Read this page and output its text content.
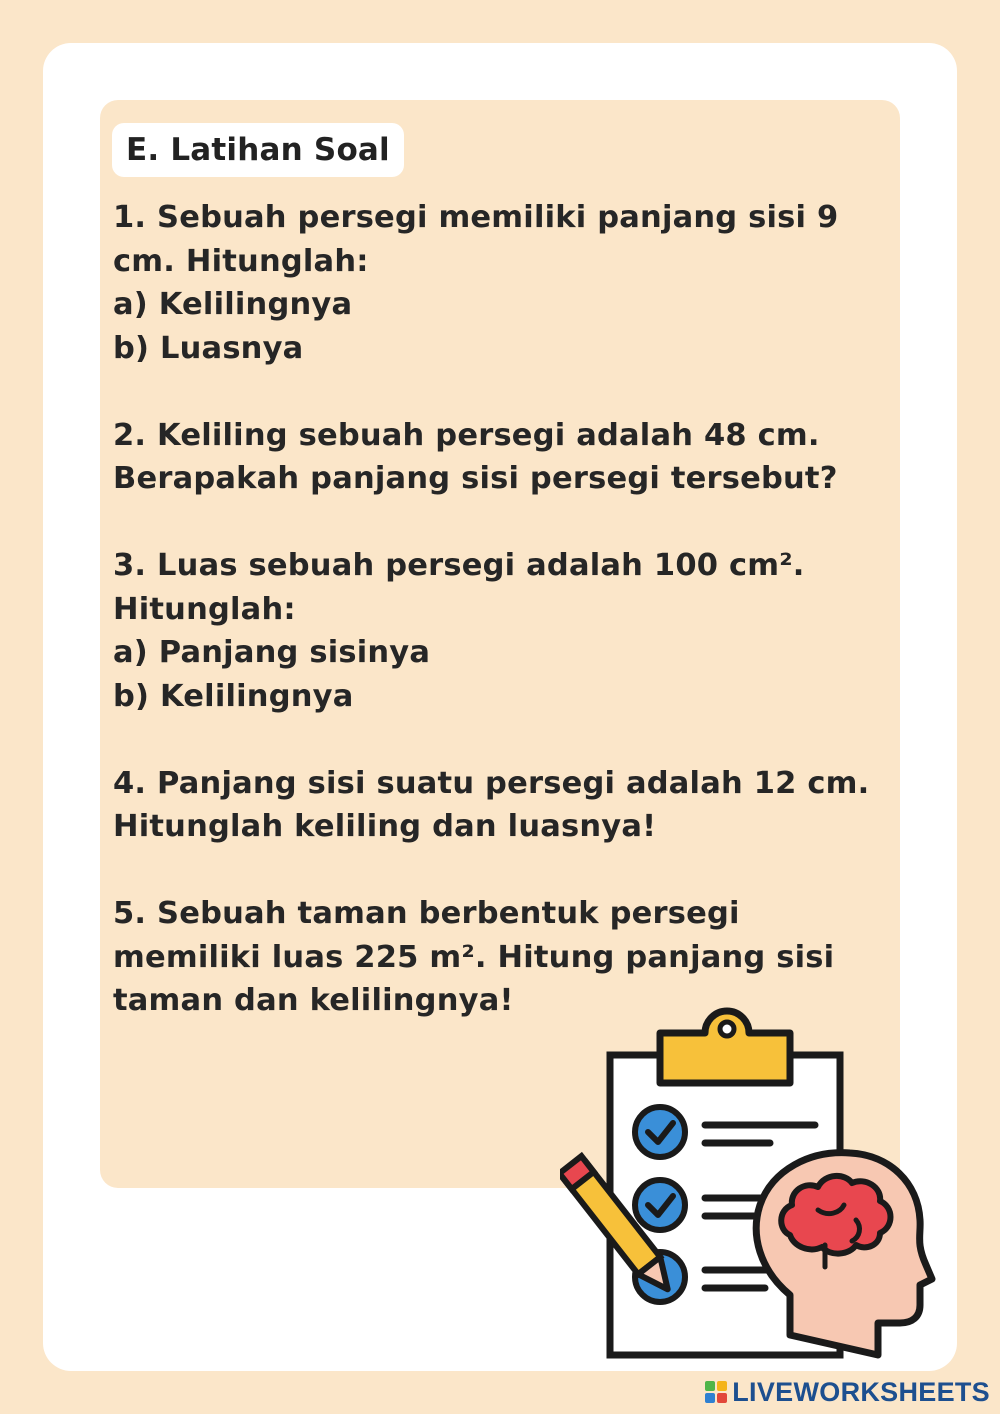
E. Latihan Soal
1. Sebuah persegi memiliki panjang sisi 9
cm. Hitunglah:
a) Kelilingnya
b) Luasnya
2. Keliling sebuah persegi adalah 48 cm.
Berapakah panjang sisi persegi tersebut?
3. Luas sebuah persegi adalah 100 cm².
Hitunglah:
a) Panjang sisinya
b) Kelilingnya
4. Panjang sisi suatu persegi adalah 12 cm.
Hitunglah keliling dan luasnya!
5. Sebuah taman berbentuk persegi
memiliki luas 225 m². Hitung panjang sisi
taman dan kelilingnya!
LIVEWORKSHEETS
